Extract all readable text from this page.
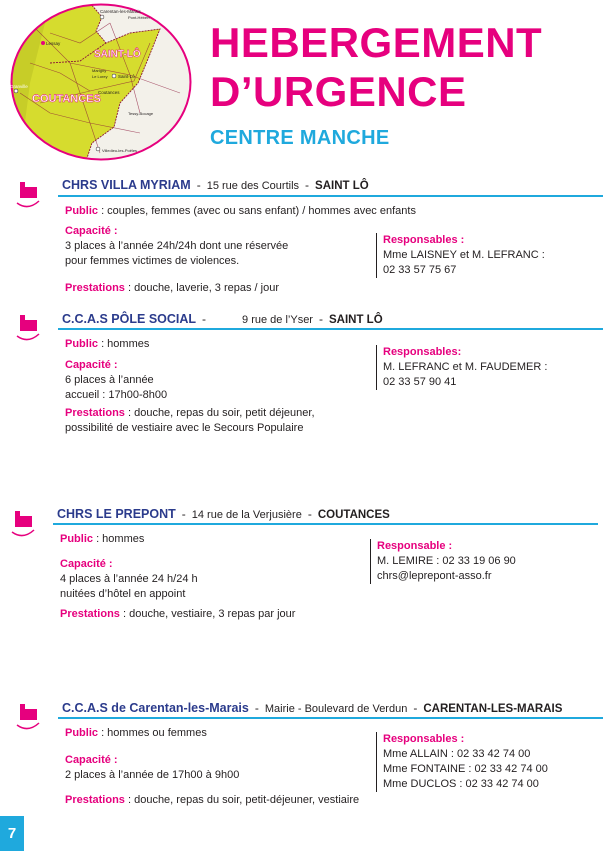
Lessay
Carentan-les-Marais
Pont-Hébert
Marigny
Le Lorey Saint-Lô
Coutances
Tessy-Bocage
Villedieu-les-Poêles
Granville
SAINT-LÔ
COUTANCES
HEBERGEMENT
D’URGENCE
CENTRE MANCHE
CHRS VILLA MYRIAM - 15 rue des Courtils - SAINT LÔ
Public : couples, femmes (avec ou sans enfant) / hommes avec enfants
Capacité :
3 places à l’année 24h/24h dont une réservée
pour femmes victimes de violences.
Prestations : douche, laverie, 3 repas / jour
Responsables :
Mme LAISNEY et M. LEFRANC :
02 33 57 75 67
C.C.A.S PÔLE SOCIAL -	9 rue de l’Yser - SAINT LÔ
Public : hommes
Capacité :
6 places à l’année
accueil : 17h00-8h00
Prestations : douche, repas du soir, petit déjeuner,
possibilité de vestiaire avec le Secours Populaire
Responsables:
M. LEFRANC et M. FAUDEMER :
02 33 57 90 41
CHRS LE PREPONT - 14 rue de la Verjusière - COUTANCES
Public : hommes
Capacité :
4 places à l’année 24 h/24 h
nuitées d’hôtel en appoint
Prestations : douche, vestiaire, 3 repas par jour
Responsable :
M. LEMIRE : 02 33 19 06 90
chrs@leprepont-asso.fr
C.C.A.S de Carentan-les-Marais - Mairie - Boulevard de Verdun - CARENTAN-LES-MARAIS
Public : hommes ou femmes
Capacité :
2 places à l’année de 17h00 à 9h00
Prestations : douche, repas du soir, petit-déjeuner, vestiaire
Responsables :
Mme ALLAIN : 02 33 42 74 00
Mme FONTAINE : 02 33 42 74 00
Mme DUCLOS : 02 33 42 74 00
7
